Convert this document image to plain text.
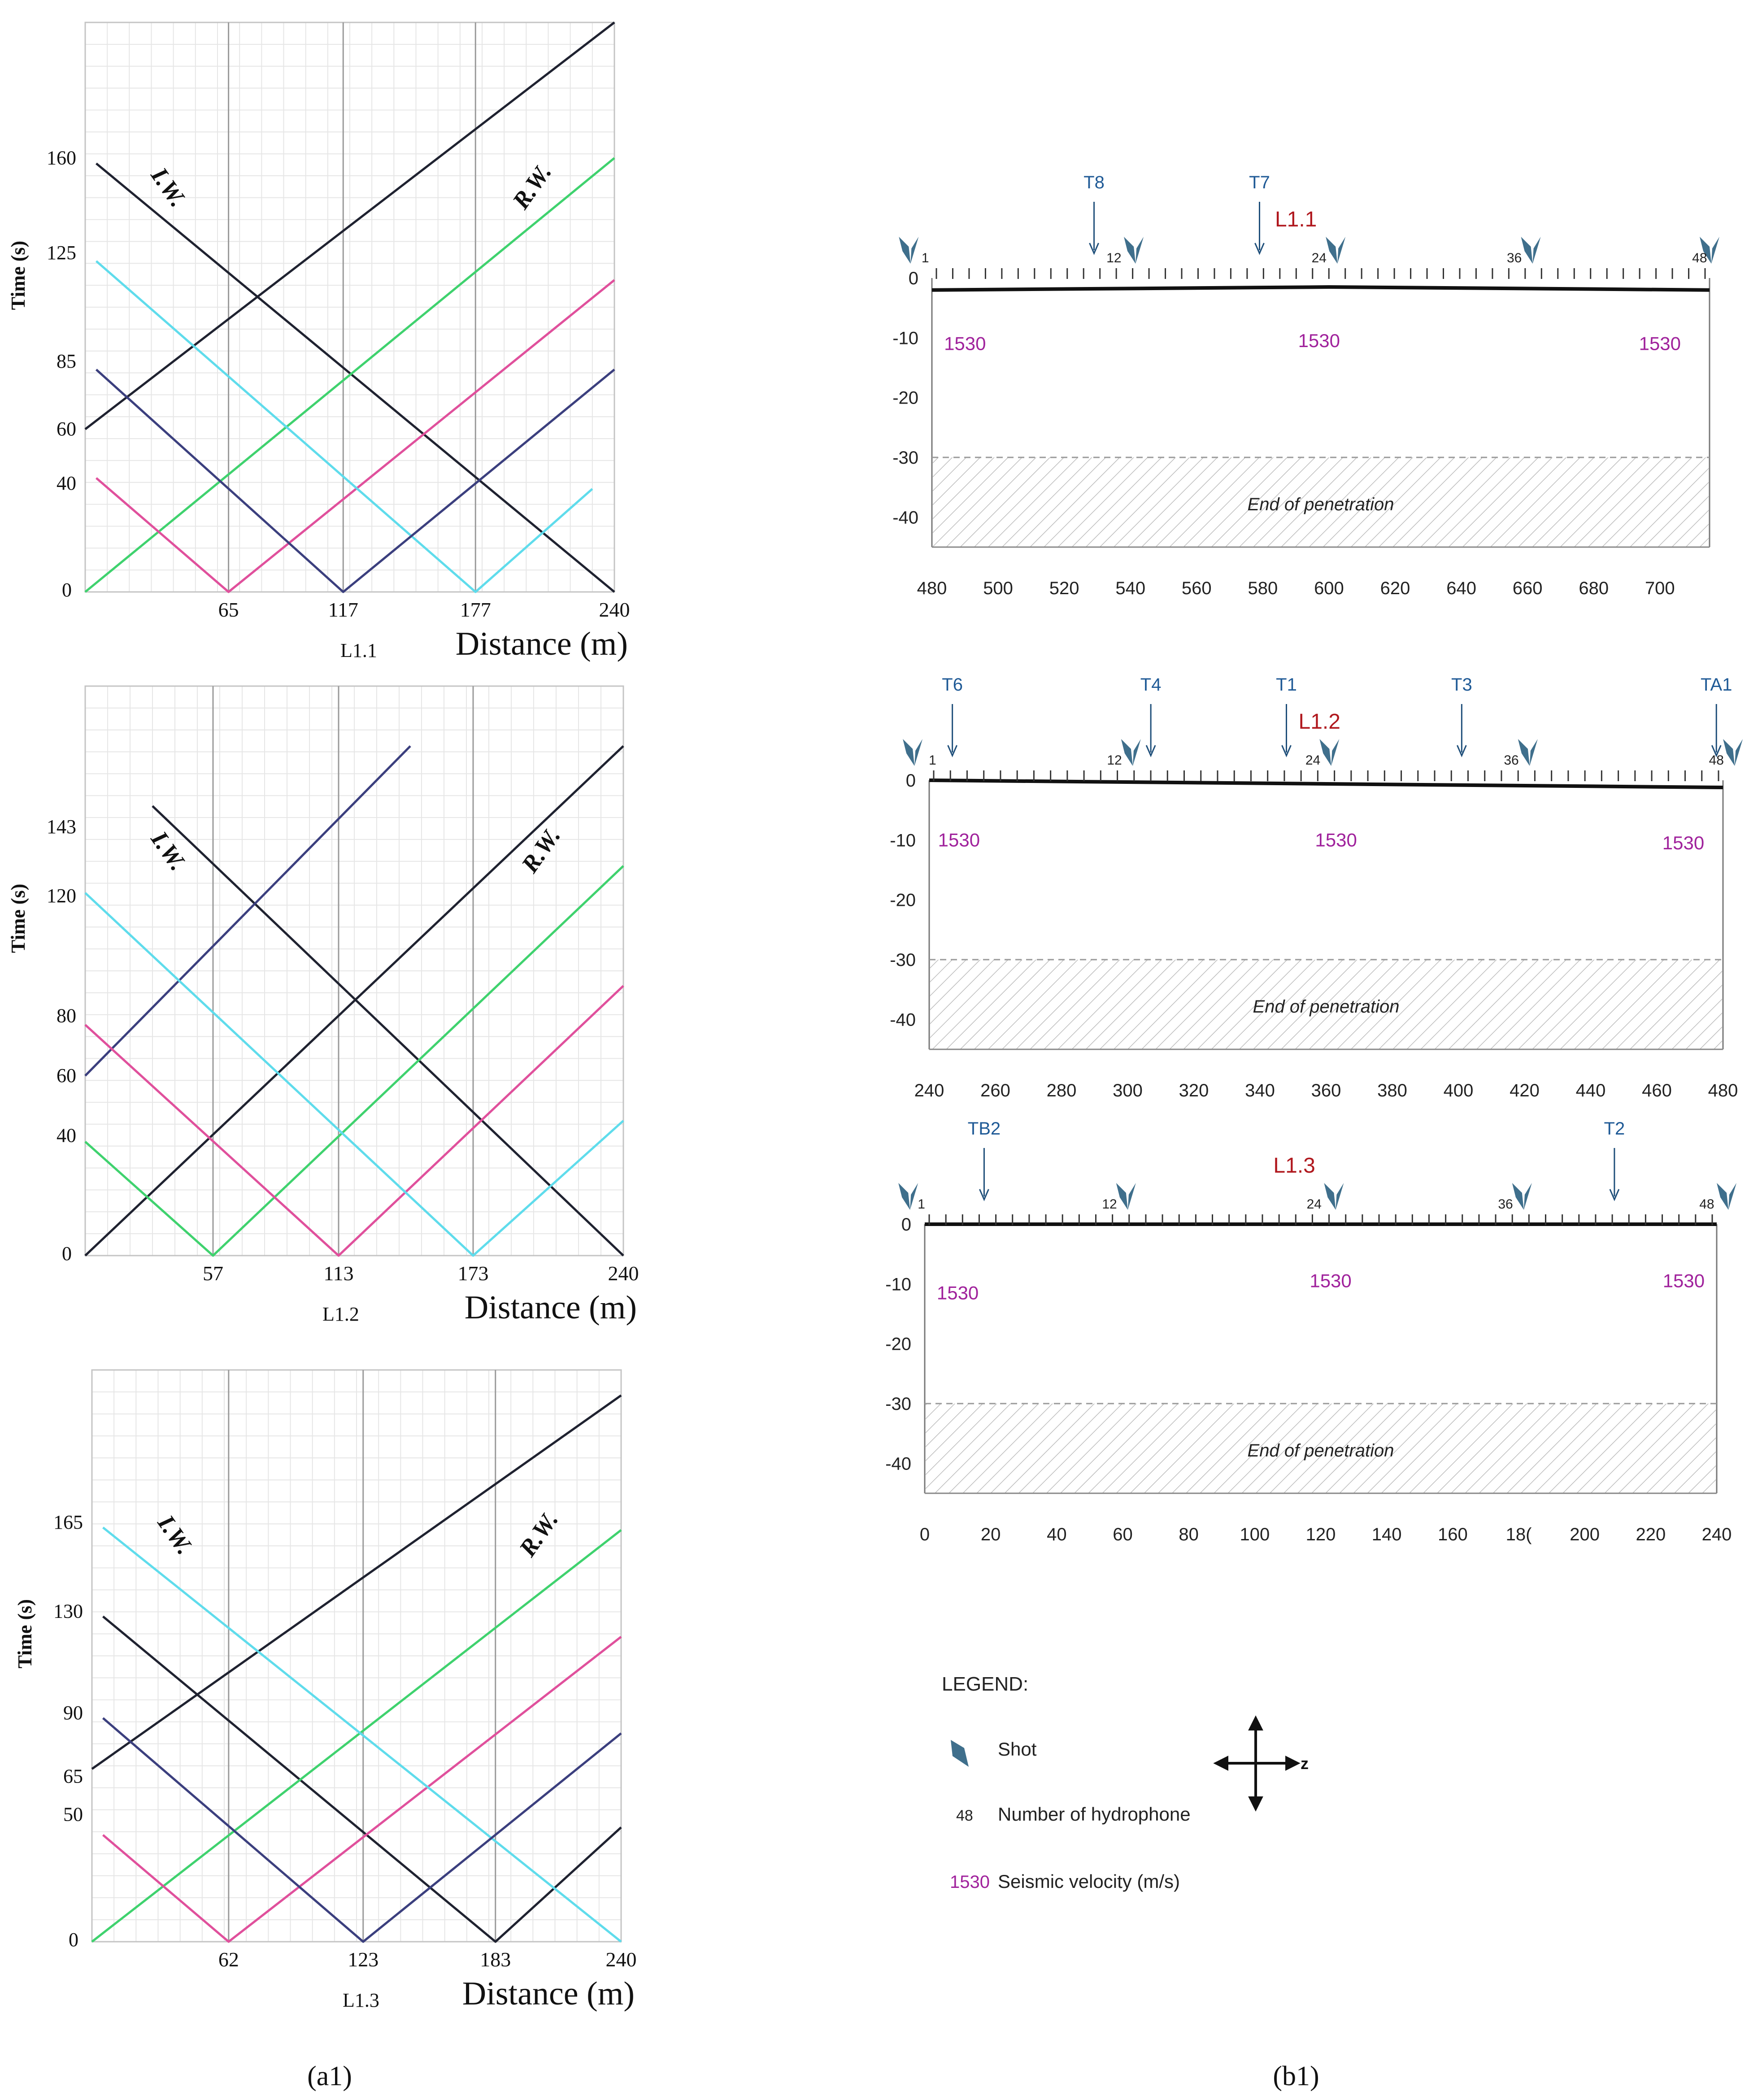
65	117	177	240
40
60
85
125
160
0
Time (s)
Distance (m)
L1.1
I.W.	R.W.
57	113	173	240
40
60
80
120
143
0
Time (s)
Distance (m)
L1.2
I.W.	R.W.
62	123	183	240
50
65
90
130
165
0
Time (s)
Distance (m)
L1.3
I.W.	R.W.
End of penetration
0
-10
-20
-30
-40
480 500 520 540 560 580 600 620 640 660 680 700
L1.1
1	12	24	36	48
T8	T7
1530	1530	1530
End of penetration
0
-10
-20
-30
-40
240 260 280 300 320 340 360 380 400 420 440 460 480
L1.2
1	12	24	36	48
T6	T4	T1	T3	TA1
1530	1530	1530
End of penetration
0
-10
-20
-30
-40
0	20	40	60	80 100 120 140 160 18( 200 220 240
L1.3
1	12	24	36	48
TB2	T2
1530
1530	1530
LEGEND:
Shot
48 Number of hydrophone
1530 Seismic velocity (m/s)
z
(a1)	(b1)
